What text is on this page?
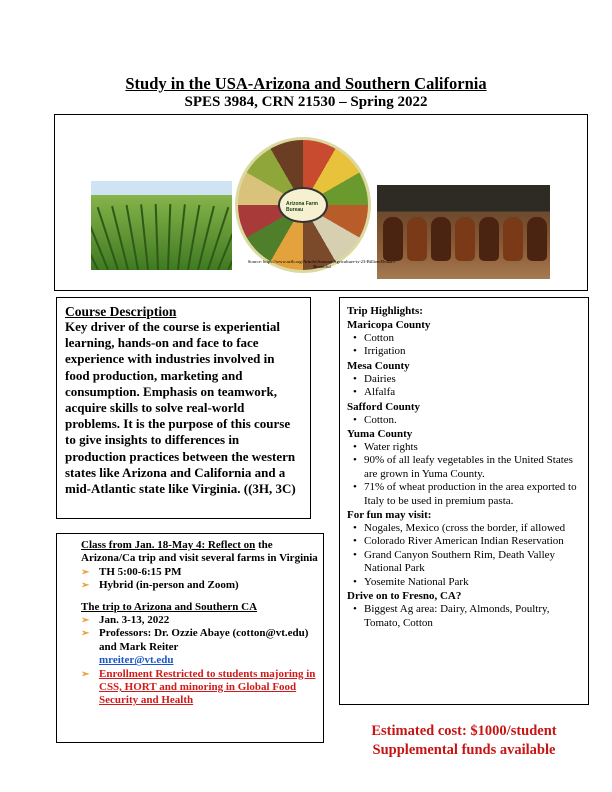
Study in the USA-Arizona and Southern California
SPES 3984, CRN 21530 – Spring 2022
Arizona Farm Bureau
Source: https://www.azfb.org/Article/Arizona-Agriculture-is-23-Billion-Dollars-Bountiful
Course Description
Key driver of the course is experiential learning, hands-on and face to face experience with industries involved in food production, marketing and consumption. Emphasis on teamwork, acquire skills to solve real-world problems. It is the purpose of this course to give insights to differences in production practices between the western states like Arizona and California and a mid-Atlantic state like Virginia. ((3H, 3C)
Class from Jan. 18-May 4: Reflect on the Arizona/Ca trip and visit several farms in Virginia
➢ TH 5:00-6:15 PM
➢ Hybrid (in-person and Zoom)
The trip to Arizona and Southern CA
➢ Jan. 3-13, 2022
➢ Professors: Dr. Ozzie Abaye (cotton@vt.edu) and Mark Reiter
mreiter@vt.edu
➢ Enrollment Restricted to students majoring in CSS, HORT and minoring in Global Food Security and Health
Trip Highlights:
Maricopa County
• Cotton
• Irrigation
Mesa County
• Dairies
• Alfalfa
Safford County
• Cotton.
Yuma County
• Water rights
• 90% of all leafy vegetables in the United States are grown in Yuma County.
• 71% of wheat production in the area exported to Italy to be used in premium pasta.
For fun may visit:
• Nogales, Mexico (cross the border, if allowed
• Colorado River American Indian Reservation
• Grand Canyon Southern Rim, Death Valley National Park
• Yosemite National Park
Drive on to Fresno, CA?
• Biggest Ag area: Dairy, Almonds, Poultry, Tomato, Cotton
Estimated cost: $1000/student
Supplemental funds available
